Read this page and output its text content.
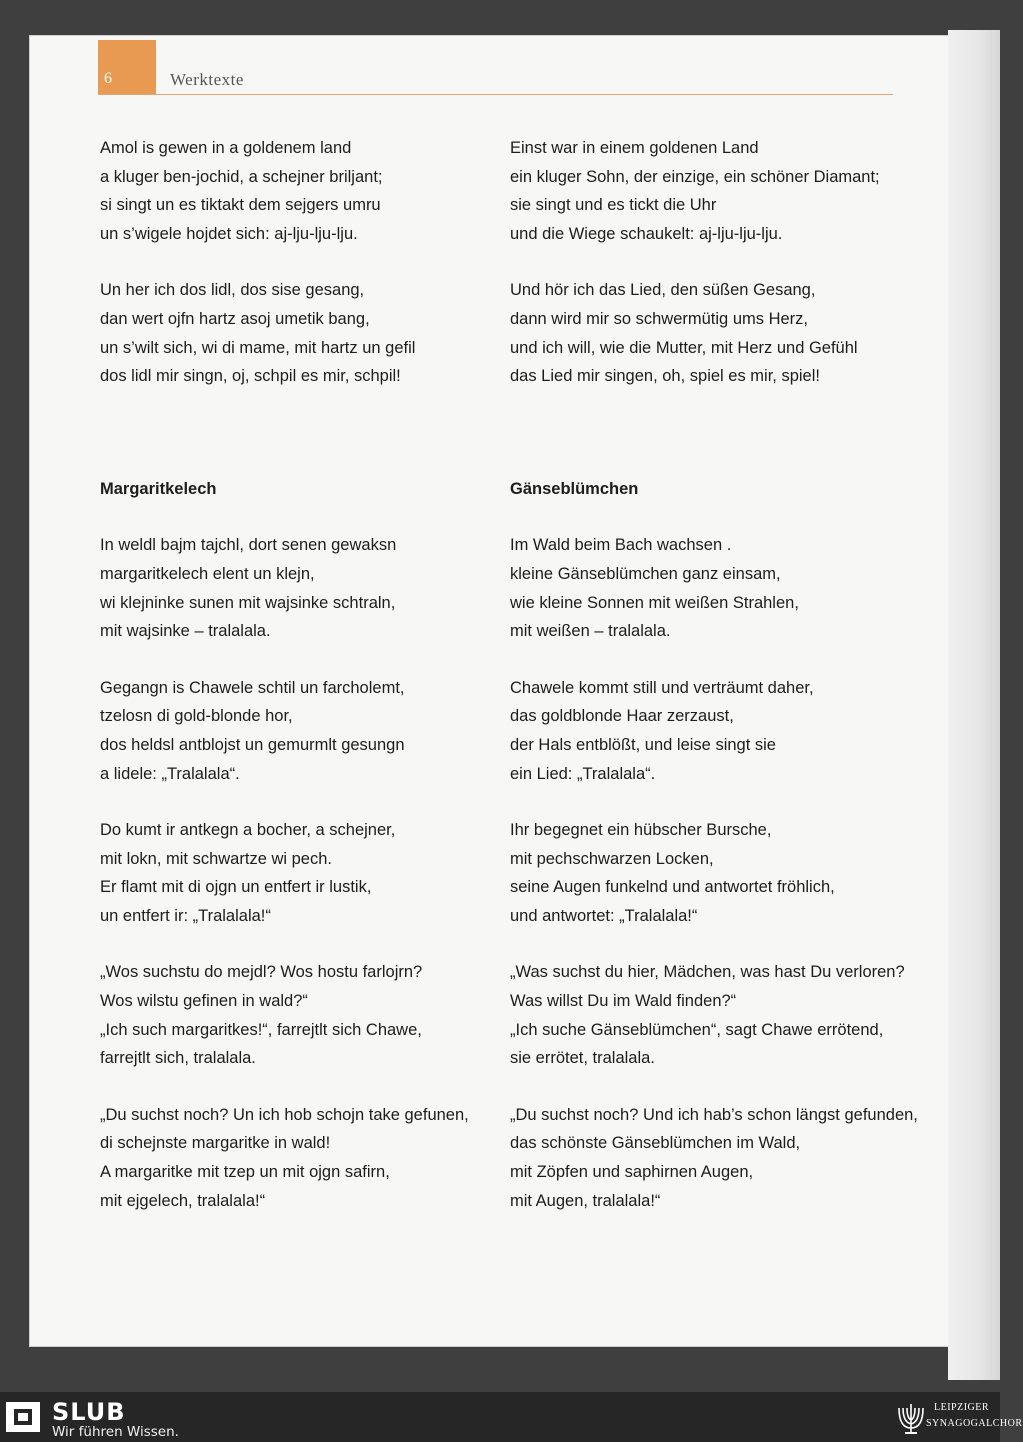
6	Werktexte
Amol is gewen in a goldenem land
a kluger ben-jochid, a schejner briljant;
si singt un es tiktakt dem sejgers umru
un s’wigele hojdet sich: aj-lju-lju-lju.
Un her ich dos lidl, dos sise gesang,
dan wert ojfn hartz asoj umetik bang,
un s’wilt sich, wi di mame, mit hartz un gefil
dos lidl mir singn, oj, schpil es mir, schpil!
Margaritkelech
In weldl bajm tajchl, dort senen gewaksn
margaritkelech elent un klejn,
wi klejninke sunen mit wajsinke schtraln,
mit wajsinke – tralalala.
Gegangn is Chawele schtil un farcholemt,
tzelosn di gold-blonde hor,
dos heldsl antblojst un gemurmlt gesungn
a lidele: „Tralalala“.
Do kumt ir antkegn a bocher, a schejner,
mit lokn, mit schwartze wi pech.
Er flamt mit di ojgn un entfert ir lustik,
un entfert ir: „Tralalala!“
„Wos suchstu do mejdl? Wos hostu farlojrn?
Wos wilstu gefinen in wald?“
„Ich such margaritkes!“, farrejtlt sich Chawe,
farrejtlt sich, tralalala.
„Du suchst noch? Un ich hob schojn take gefunen,
di schejnste margaritke in wald!
A margaritke mit tzep un mit ojgn safirn,
mit ejgelech, tralalala!“
Einst war in einem goldenen Land
ein kluger Sohn, der einzige, ein schöner Diamant;
sie singt und es tickt die Uhr
und die Wiege schaukelt: aj-lju-lju-lju.
Und hör ich das Lied, den süßen Gesang,
dann wird mir so schwermütig ums Herz,
und ich will, wie die Mutter, mit Herz und Gefühl
das Lied mir singen, oh, spiel es mir, spiel!
Gänseblümchen
Im Wald beim Bach wachsen .
kleine Gänseblümchen ganz einsam,
wie kleine Sonnen mit weißen Strahlen,
mit weißen – tralalala.
Chawele kommt still und verträumt daher,
das goldblonde Haar zerzaust,
der Hals entblößt, und leise singt sie
ein Lied: „Tralalala“.
Ihr begegnet ein hübscher Bursche,
mit pechschwarzen Locken,
seine Augen funkelnd und antwortet fröhlich,
und antwortet: „Tralalala!“
„Was suchst du hier, Mädchen, was hast Du verloren?
Was willst Du im Wald finden?“
„Ich suche Gänseblümchen“, sagt Chawe errötend,
sie errötet, tralalala.
„Du suchst noch? Und ich hab’s schon längst gefunden,
das schönste Gänseblümchen im Wald,
mit Zöpfen und saphirnen Augen,
mit Augen, tralalala!“
SLUB
Wir führen Wissen.
LEIPZIGER
SYNAGOGALCHOR
